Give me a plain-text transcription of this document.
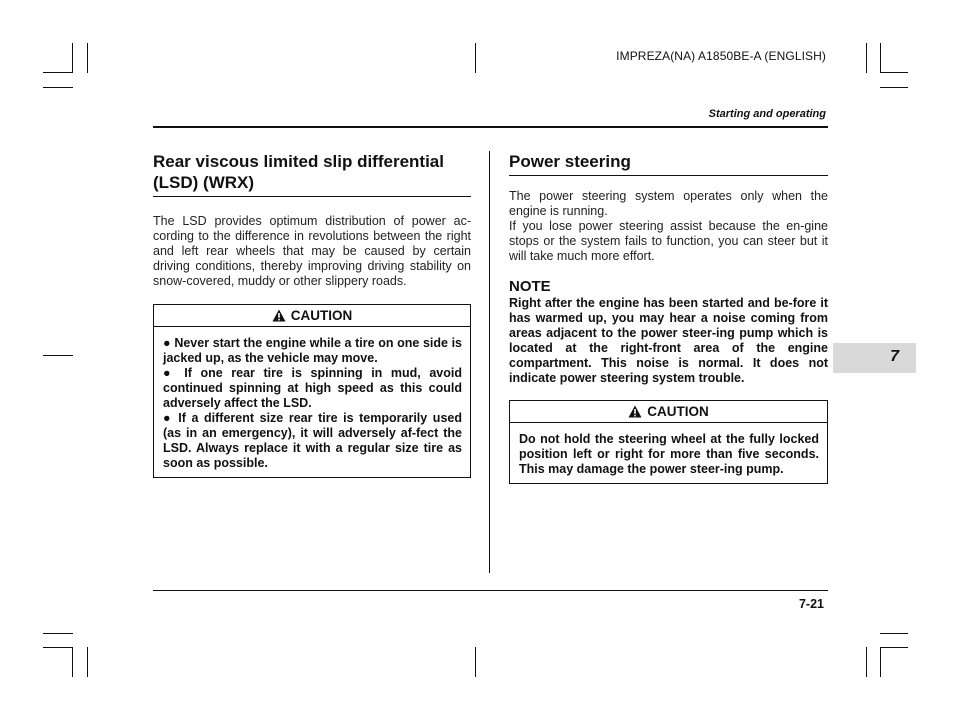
IMPREZA(NA) A1850BE-A (ENGLISH)
Starting and operating
7-21
7
Rear viscous limited slip differential (LSD) (WRX)

The LSD provides optimum distribution of power ac-cording to the difference in revolutions between the right and left rear wheels that may be caused by certain driving conditions, thereby improving driving stability on snow-covered, muddy or other slippery roads.

CAUTION

● Never start the engine while a tire on one side is jacked up, as the vehicle may move.

● If one rear tire is spinning in mud, avoid continued spinning at high speed as this could adversely affect the LSD.

● If a different size rear tire is temporarily used (as in an emergency), it will adversely af-fect the LSD. Always replace it with a regular size tire as soon as possible.

Power steering

The power steering system operates only when the engine is running.

If you lose power steering assist because the en-gine stops or the system fails to function, you can steer but it will take much more effort.

NOTE

Right after the engine has been started and be-fore it has warmed up, you may hear a noise coming from areas adjacent to the power steer-ing pump which is located at the right-front area of the engine compartment. This noise is normal. It does not indicate power steering system trouble.

CAUTION

Do not hold the steering wheel at the fully locked position left or right for more than five seconds. This may damage the power steer-ing pump.
